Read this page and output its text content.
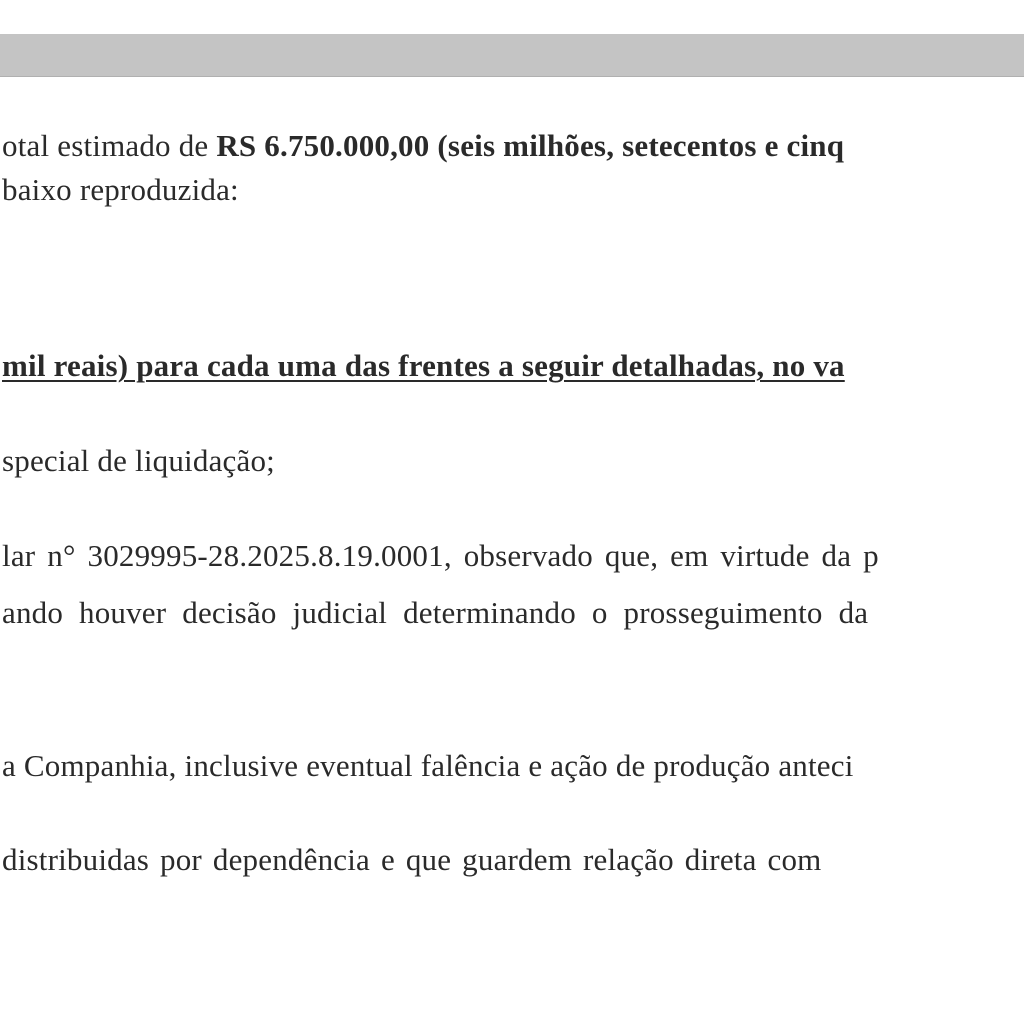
otal estimado de RS 6.750.000,00 (seis milhões, setecentos e cinq

baixo reproduzida:

mil reais) para cada uma das frentes a seguir detalhadas, no va

special de liquidação;

lar n° 3029995-28.2025.8.19.0001, observado que, em virtude da p

ando houver decisão judicial determinando o prosseguimento da

a Companhia, inclusive eventual falência e ação de produção anteci

distribuidas por dependência e que guardem relação direta com
